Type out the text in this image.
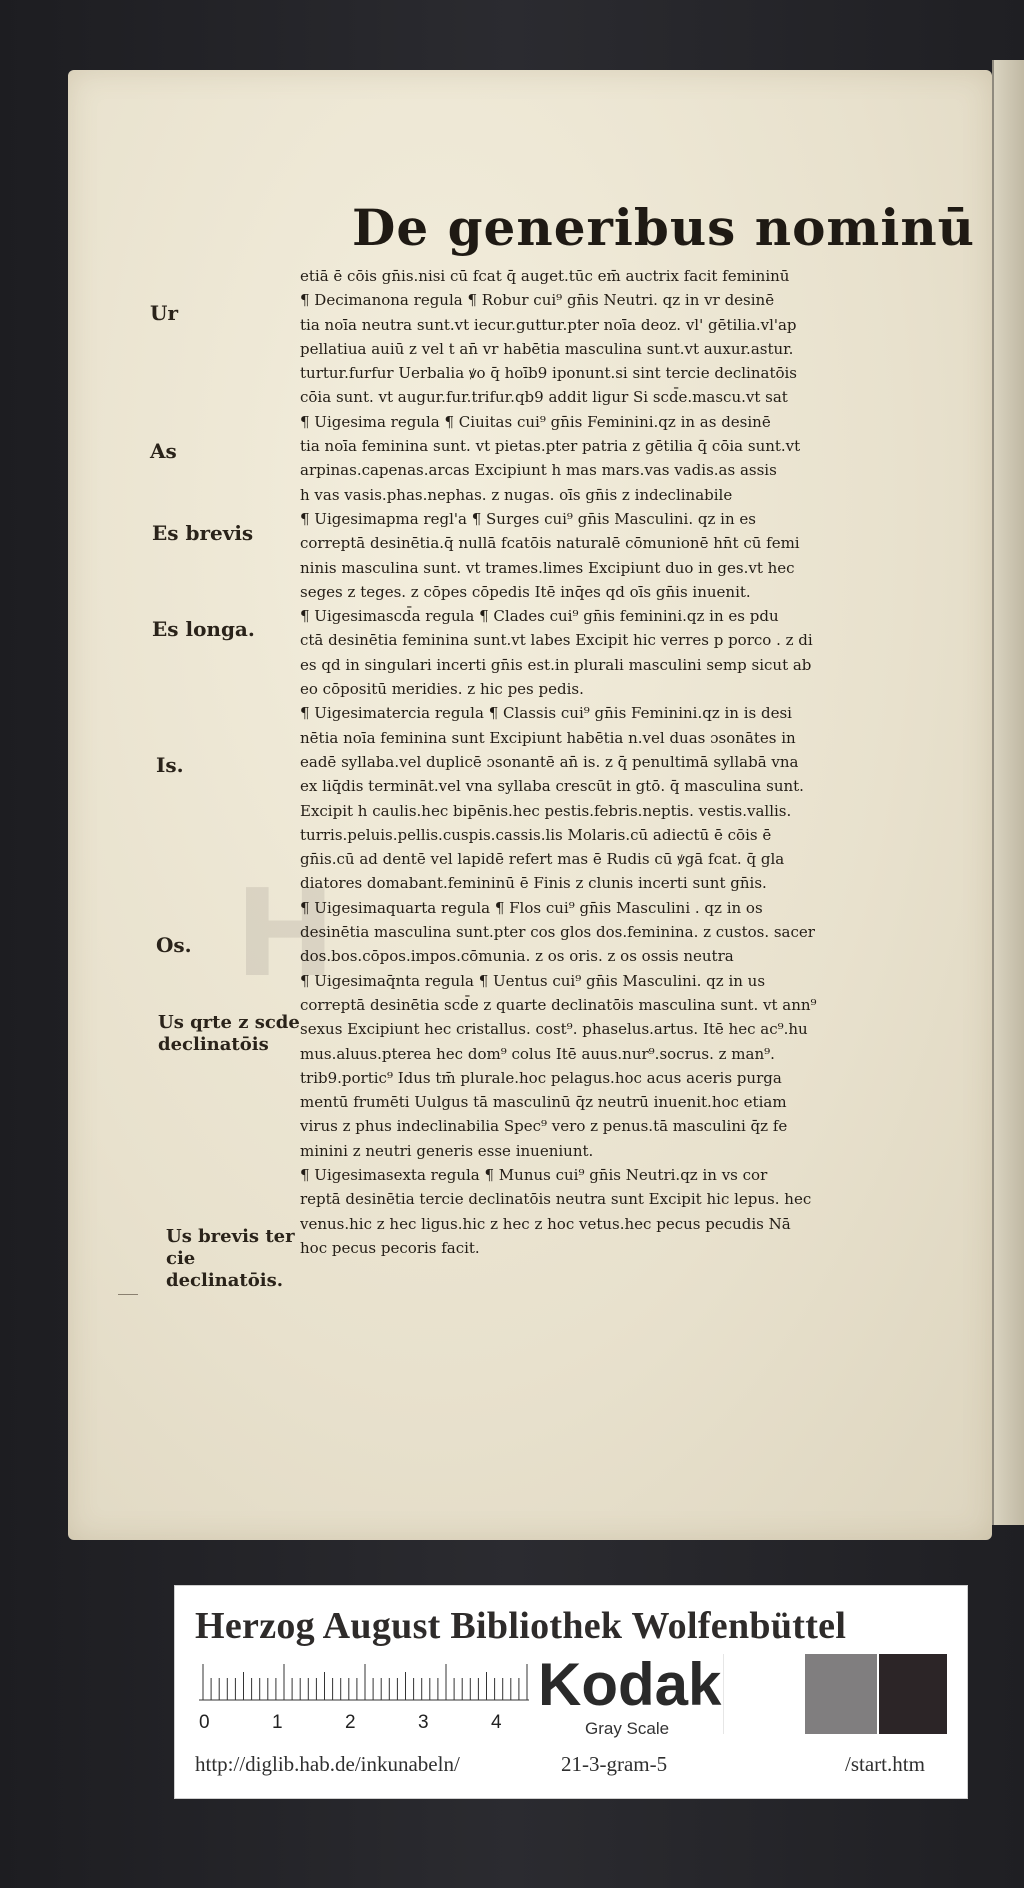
H
De generibus nominū
Ur
As
Es brevis
Es longa.
Is.
Os.
Us qrte z scde declinatōis
Us brevis ter cie declinatōis.
etiā ē cōis gn̄is.nisi cū fcat q̄ auget.tūc em̄ auctrix facit femininū
¶ Decimanona regula ¶ Robur cui⁹ gn̄is Neutri. qz in vr desinē
tia noīa neutra sunt.vt iecur.guttur.pter noīa deoz. vl' gētilia.vl'ap
pellatiua auiū z vel t an̄ vr habētia masculina sunt.vt auxur.astur.
turtur.furfur Uerbalia ꝟo q̄ hoīb9 iponunt.si sint tercie declinatōis
cōia sunt. vt augur.fur.trifur.qb9 addit ligur Si scd̄e.mascu.vt sat
¶ Uigesima regula ¶ Ciuitas cui⁹ gn̄is Feminini.qz in as desinē
tia noīa feminina sunt. vt pietas.pter patria z gētilia q̄ cōia sunt.vt
arpinas.capenas.arcas Excipiunt h mas mars.vas vadis.as assis
h vas vasis.phas.nephas. z nugas. oīs gn̄is z indeclinabile
¶ Uigesimapma regl'a ¶ Surges cui⁹ gn̄is Masculini. qz in es
correptā desinētia.q̄ nullā fcatōis naturalē cōmunionē hn̄t cū femi
ninis masculina sunt. vt trames.limes Excipiunt duo in ges.vt hec
seges z teges. z cōpes cōpedis Itē inq̄es qd oīs gn̄is inuenit.
¶ Uigesimascd̄a regula ¶ Clades cui⁹ gn̄is feminini.qz in es pdu
ctā desinētia feminina sunt.vt labes Excipit hic verres p porco . z di
es qd in singulari incerti gn̄is est.in plurali masculini semp sicut ab
eo cōpositū meridies. z hic pes pedis.
¶ Uigesimatercia regula ¶ Classis cui⁹ gn̄is Feminini.qz in is desi
nētia noīa feminina sunt Excipiunt habētia n.vel duas ɔsonātes in
eadē syllaba.vel duplicē ɔsonantē an̄ is. z q̄ penultimā syllabā vna
ex liq̄dis termināt.vel vna syllaba crescūt in gtō. q̄ masculina sunt.
Excipit h caulis.hec bipēnis.hec pestis.febris.neptis. vestis.vallis.
turris.peluis.pellis.cuspis.cassis.lis Molaris.cū adiectū ē cōis ē
gn̄is.cū ad dentē vel lapidē refert mas ē Rudis cū ꝟgā fcat. q̄ gla
diatores domabant.femininū ē Finis z clunis incerti sunt gn̄is.
¶ Uigesimaquarta regula ¶ Flos cui⁹ gn̄is Masculini . qz in os
desinētia masculina sunt.pter cos glos dos.feminina. z custos. sacer
dos.bos.cōpos.impos.cōmunia. z os oris. z os ossis neutra
¶ Uigesimaq̄nta regula ¶ Uentus cui⁹ gn̄is Masculini. qz in us
correptā desinētia scd̄e z quarte declinatōis masculina sunt. vt ann⁹
sexus Excipiunt hec cristallus. cost⁹. phaselus.artus. Itē hec ac⁹.hu
mus.aluus.pterea hec dom⁹ colus Itē auus.nur⁹.socrus. z man⁹.
trib9.portic⁹ Idus tm̄ plurale.hoc pelagus.hoc acus aceris purga
mentū frumēti Uulgus tā masculinū q̄z neutrū inuenit.hoc etiam
virus z phus indeclinabilia Spec⁹ vero z penus.tā masculini q̄z fe
minini z neutri generis esse inueniunt.
¶ Uigesimasexta regula ¶ Munus cui⁹ gn̄is Neutri.qz in vs cor
reptā desinētia tercie declinatōis neutra sunt Excipit hic lepus. hec
venus.hic z hec ligus.hic z hec z hoc vetus.hec pecus pecudis Nā
hoc pecus pecoris facit.
Herzog August Bibliothek Wolfenbüttel
0	1	2	3	4
Kodak
Gray Scale
http://diglib.hab.de/inkunabeln/	21-3-gram-5	/start.htm
